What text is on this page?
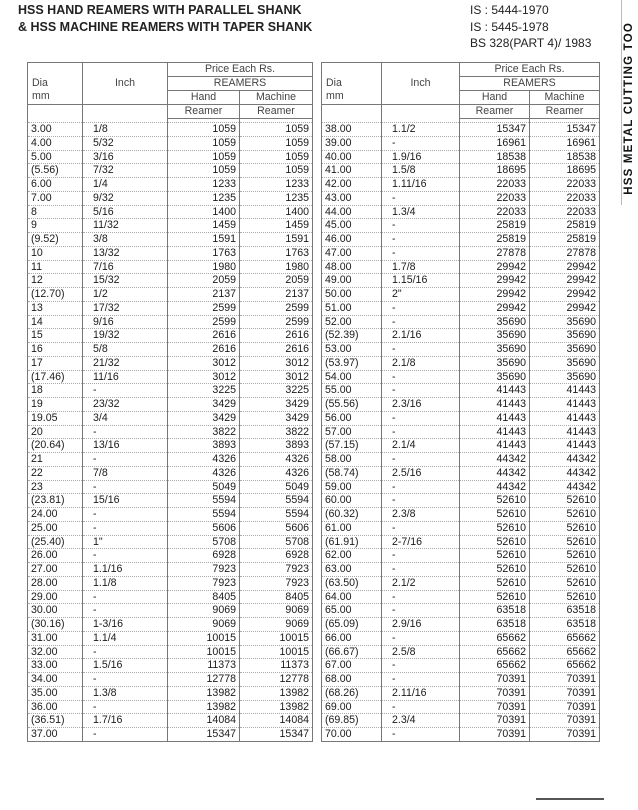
HSS HAND REAMERS WITH PARALLEL SHANK
& HSS MACHINE REAMERS WITH TAPER SHANK
IS : 5444-1970
IS : 5445-1978
BS 328(PART 4)/ 1983	HSS METAL CUTTING TOO
Dia
mm	Inch	Price Each Rs.	
		REAMERS	
		Hand	Machine
		Reamer	Reamer

3.00	1/8	1059	1059
4.00	5/32	1059	1059
5.00	3/16	1059	1059
(5.56)	7/32	1059	1059
6.00	1/4	1233	1233
7.00	9/32	1235	1235
8	5/16	1400	1400
9	11/32	1459	1459
(9.52)	3/8	1591	1591
10	13/32	1763	1763
11	7/16	1980	1980
12	15/32	2059	2059
(12.70)	1/2	2137	2137
13	17/32	2599	2599
14	9/16	2599	2599
15	19/32	2616	2616
16	5/8	2616	2616
17	21/32	3012	3012
(17.46)	11/16	3012	3012
18	-	3225	3225
19	23/32	3429	3429
19.05	3/4	3429	3429
20	-	3822	3822
(20.64)	13/16	3893	3893
21	-	4326	4326
22	7/8	4326	4326
23	-	5049	5049
(23.81)	15/16	5594	5594
24.00	-	5594	5594
25.00	-	5606	5606
(25.40)	1"	5708	5708
26.00	-	6928	6928
27.00	1.1/16	7923	7923
28.00	1.1/8	7923	7923
29.00	-	8405	8405
30.00	-	9069	9069
(30.16)	1-3/16	9069	9069
31.00	1.1/4	10015	10015
32.00	-	10015	10015
33.00	1.5/16	11373	11373
34.00	-	12778	12778
35.00	1.3/8	13982	13982
36.00	-	13982	13982
(36.51)	1.7/16	14084	14084
37.00	-	15347	15347
Dia
mm	Inch	Price Each Rs.	
		REAMERS	
		Hand	Machine
		Reamer	Reamer

38.00	1.1/2	15347	15347
39.00	-	16961	16961
40.00	1.9/16	18538	18538
41.00	1.5/8	18695	18695
42.00	1.11/16	22033	22033
43.00	-	22033	22033
44.00	1.3/4	22033	22033
45.00	-	25819	25819
46.00	-	25819	25819
47.00	-	27878	27878
48.00	1.7/8	29942	29942
49.00	1.15/16	29942	29942
50.00	2"	29942	29942
51.00	-	29942	29942
52.00	-	35690	35690
(52.39)	2.1/16	35690	35690
53.00	-	35690	35690
(53.97)	2.1/8	35690	35690
54.00	-	35690	35690
55.00	-	41443	41443
(55.56)	2.3/16	41443	41443
56.00	-	41443	41443
57.00	-	41443	41443
(57.15)	2.1/4	41443	41443
58.00	-	44342	44342
(58.74)	2.5/16	44342	44342
59.00	-	44342	44342
60.00	-	52610	52610
(60.32)	2.3/8	52610	52610
61.00	-	52610	52610
(61.91)	2-7/16	52610	52610
62.00	-	52610	52610
63.00	-	52610	52610
(63.50)	2.1/2	52610	52610
64.00	-	52610	52610
65.00	-	63518	63518
(65.09)	2.9/16	63518	63518
66.00	-	65662	65662
(66.67)	2.5/8	65662	65662
67.00	-	65662	65662
68.00	-	70391	70391
(68.26)	2.11/16	70391	70391
69.00	-	70391	70391
(69.85)	2.3/4	70391	70391
70.00	-	70391	70391
